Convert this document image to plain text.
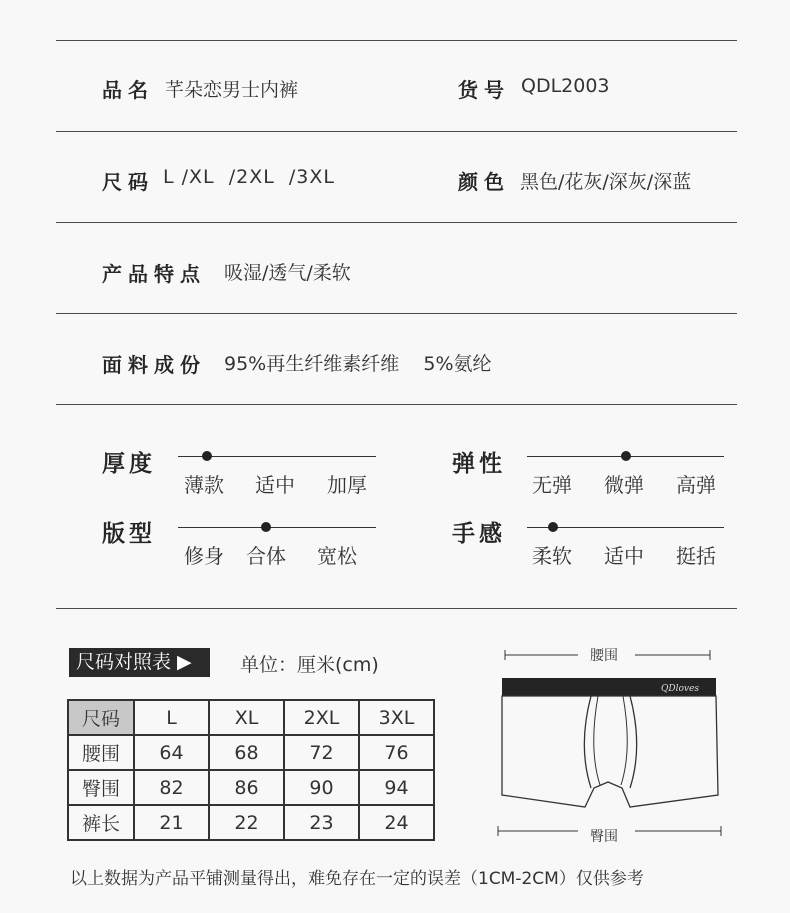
品名 芊朵恋男士内裤	货号 QDL2003
尺码 L /XL  /2XL  /3XL	颜色 黑色/花灰/深灰/深蓝
产品特点 吸湿/透气/柔软
面料成份 95%再生纤维素纤维    5%氨纶
厚度
薄款 适中 加厚
弹性
无弹 微弹 高弹
版型
修身 合体 宽松
手感
柔软 适中 挺括
尺码对照表 ▶	单位：厘米(cm)
尺码	L	XL	2XL	3XL
腰围	64	68	72	76
臀围	82	86	90	94
裤长	21	22	23	24
腰围
QDloves
臀围
以上数据为产品平铺测量得出，难免存在一定的误差（1CM-2CM）仅供参考
